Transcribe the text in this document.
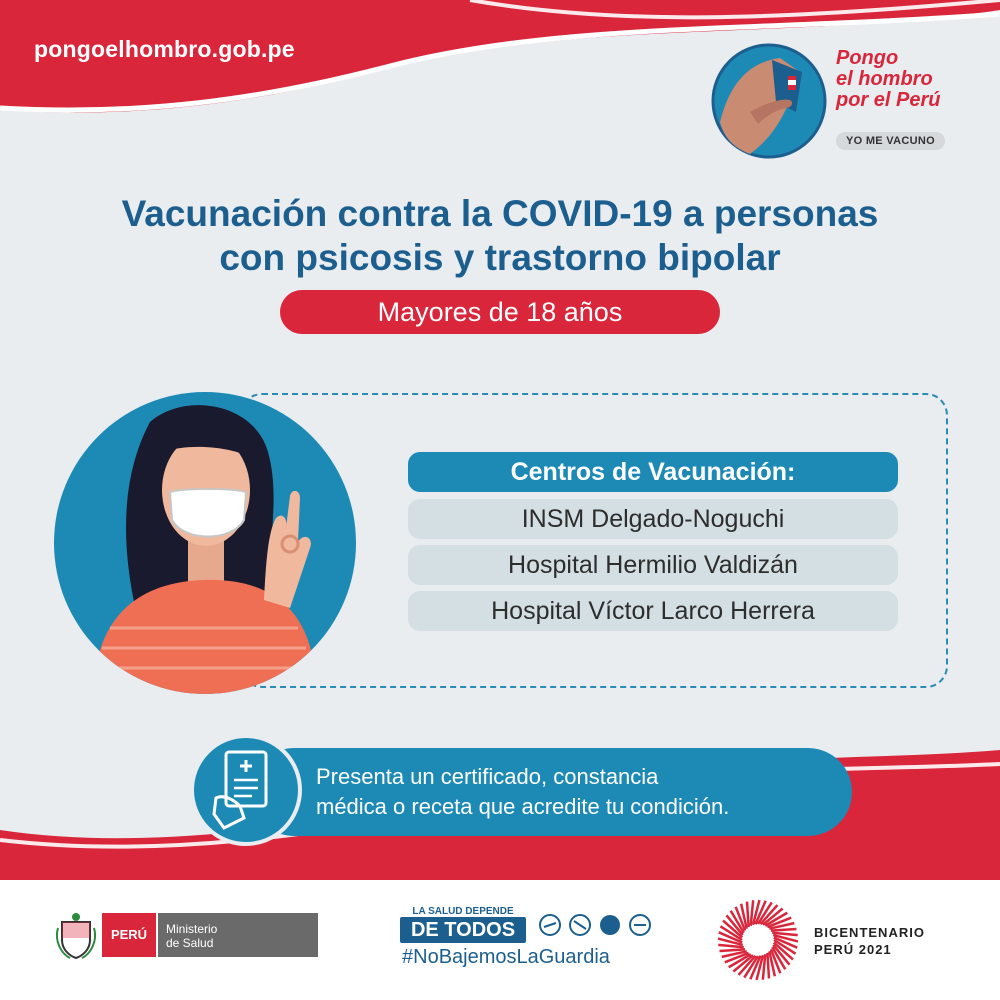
pongoelhombro.gob.pe	Pongo
el hombro
por el Perú
YO ME VACUNO
Vacunación contra la COVID-19 a personas
con psicosis y trastorno bipolar
Mayores de 18 años
Centros de Vacunación:
INSM Delgado-Noguchi
Hospital Hermilio Valdizán
Hospital Víctor Larco Herrera
Presenta un certificado, constancia
médica o receta que acredite tu condición.
PERÚ	Ministerio
de Salud
LA SALUD DEPENDE
DE TODOS
#NoBajemosLaGuardia
BICENTENARIO
PERÚ 2021
